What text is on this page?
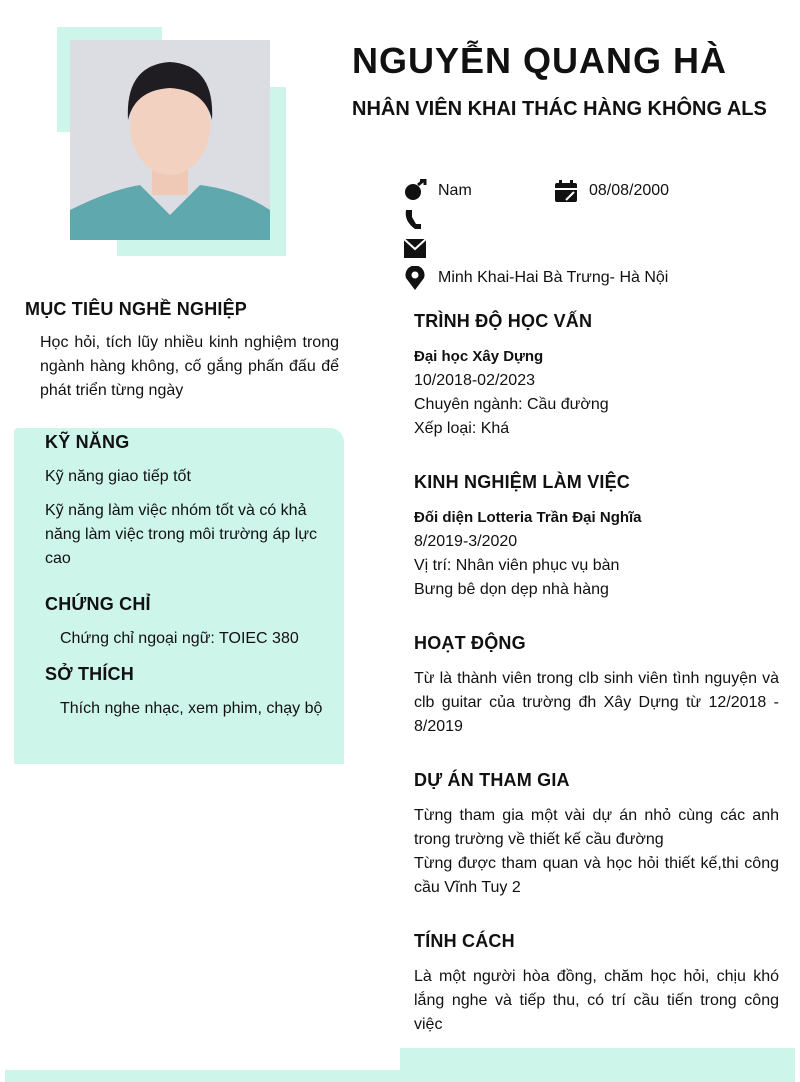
NGUYỄN QUANG HÀ
NHÂN VIÊN KHAI THÁC HÀNG KHÔNG ALS
Nam	08/08/2000
Minh Khai-Hai Bà Trưng- Hà Nội
MỤC TIÊU NGHỀ NGHIỆP
Học hỏi, tích lũy nhiều kinh nghiệm trong ngành hàng không, cố gắng phấn đấu để phát triển từng ngày
KỸ NĂNG
Kỹ năng giao tiếp tốt
Kỹ năng làm việc nhóm tốt và có khả năng làm việc trong môi trường áp lực cao
CHỨNG CHỈ
Chứng chỉ ngoại ngữ: TOIEC 380
SỞ THÍCH
Thích nghe nhạc, xem phim, chạy bộ
TRÌNH ĐỘ HỌC VẤN
Đại học Xây Dựng
10/2018-02/2023
Chuyên ngành: Cầu đường
Xếp loại: Khá
KINH NGHIỆM LÀM VIỆC
Đối diện Lotteria Trần Đại Nghĩa
8/2019-3/2020
Vị trí: Nhân viên phục vụ bàn
Bưng bê dọn dẹp nhà hàng
HOẠT ĐỘNG
Từ là thành viên trong clb sinh viên tình nguyện và clb guitar của trường đh Xây Dựng từ 12/2018 - 8/2019
DỰ ÁN THAM GIA
Từng tham gia một vài dự án nhỏ cùng các anh trong trường về thiết kế cầu đường
Từng được tham quan và học hỏi thiết kế,thi công cầu Vĩnh Tuy 2
TÍNH CÁCH
Là một người hòa đồng, chăm học hỏi, chịu khó lắng nghe và tiếp thu, có trí cầu tiến trong công việc
